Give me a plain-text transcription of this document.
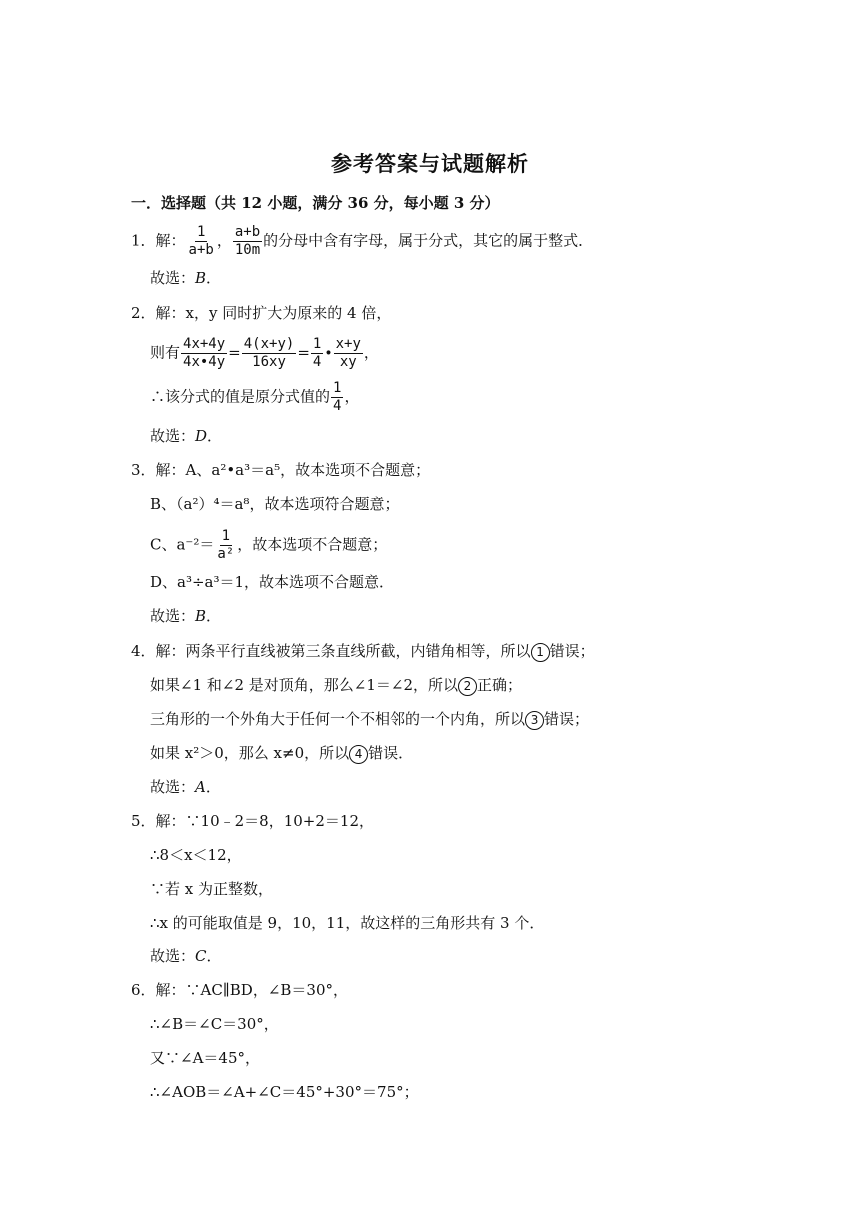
参考答案与试题解析
一．选择题（共 12 小题，满分 36 分，每小题 3 分）
1．解： $\frac{1}{a+b}$ ， $\frac{a+b}{10m}$ 的分母中含有字母，属于分式，其它的属于整式．
故选：B．
2．解：x，y 同时扩大为原来的 4 倍，
则有 $\frac{4x+4y}{4x•4y} = \frac{4(x+y)}{16xy} = \frac{1}{4}$ • $\frac{x+y}{xy}$ ，
∴该分式的值是原分式值的 $\frac{1}{4}$ ，
故选：D．
3．解：A、a²•a³＝a⁵，故本选项不合题意；
B、（a²）⁴＝a⁸，故本选项符合题意；
C、$a^{-2}= \frac{1}{\text{a²}}$ ，故本选项不合题意；
D、a³÷a³＝1，故本选项不合题意．
故选：B．
4．解：两条平行直线被第三条直线所截，内错角相等，所以 1 错误；
如果∠1 和∠2 是对顶角，那么∠1＝∠2，所以 2 正确；
三角形的一个外角大于任何一个不相邻的一个内角，所以 3 错误；
如果 x²＞0，那么 x≠0，所以 4 错误．
故选：A．
5．解：∵10﹣2＝8，10+2＝12，
∴8＜x＜12，
∵若 x 为正整数，
∴x 的可能取值是 9，10，11，故这样的三角形共有 3 个．
故选：C．
6．解：∵AC∥BD，∠B＝30°，
∴∠B＝∠C＝30°，
又∵∠A＝45°，
∴∠AOB＝∠A+∠C＝45°+30°＝75°；
